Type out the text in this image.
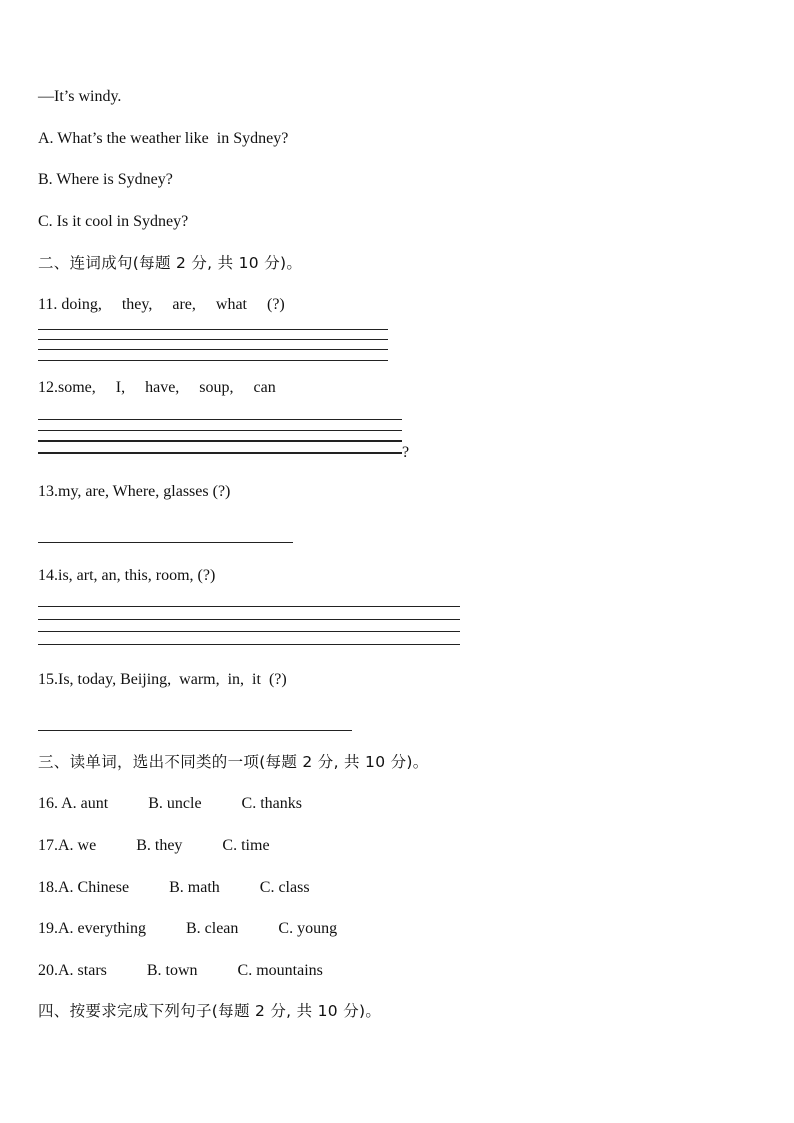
—It’s windy.
A. What’s the weather like  in Sydney?
B. Where is Sydney?
C. Is it cool in Sydney?
二、连词成句(每题 2 分, 共 10 分)。
11. doing,     they,     are,     what     (?)
12.some,     I,     have,     soup,     can
?
13.my, are, Where, glasses (?)
14.is, art, an, this, room, (?)
15.Is, today, Beijing,  warm,  in,  it  (?)
三、读单词，选出不同类的一项(每题 2 分, 共 10 分)。
16. A. aunt          B. uncle          C. thanks
17.A. we          B. they          C. time
18.A. Chinese          B. math          C. class
19.A. everything          B. clean          C. young
20.A. stars          B. town          C. mountains
四、按要求完成下列句子(每题 2 分, 共 10 分)。
